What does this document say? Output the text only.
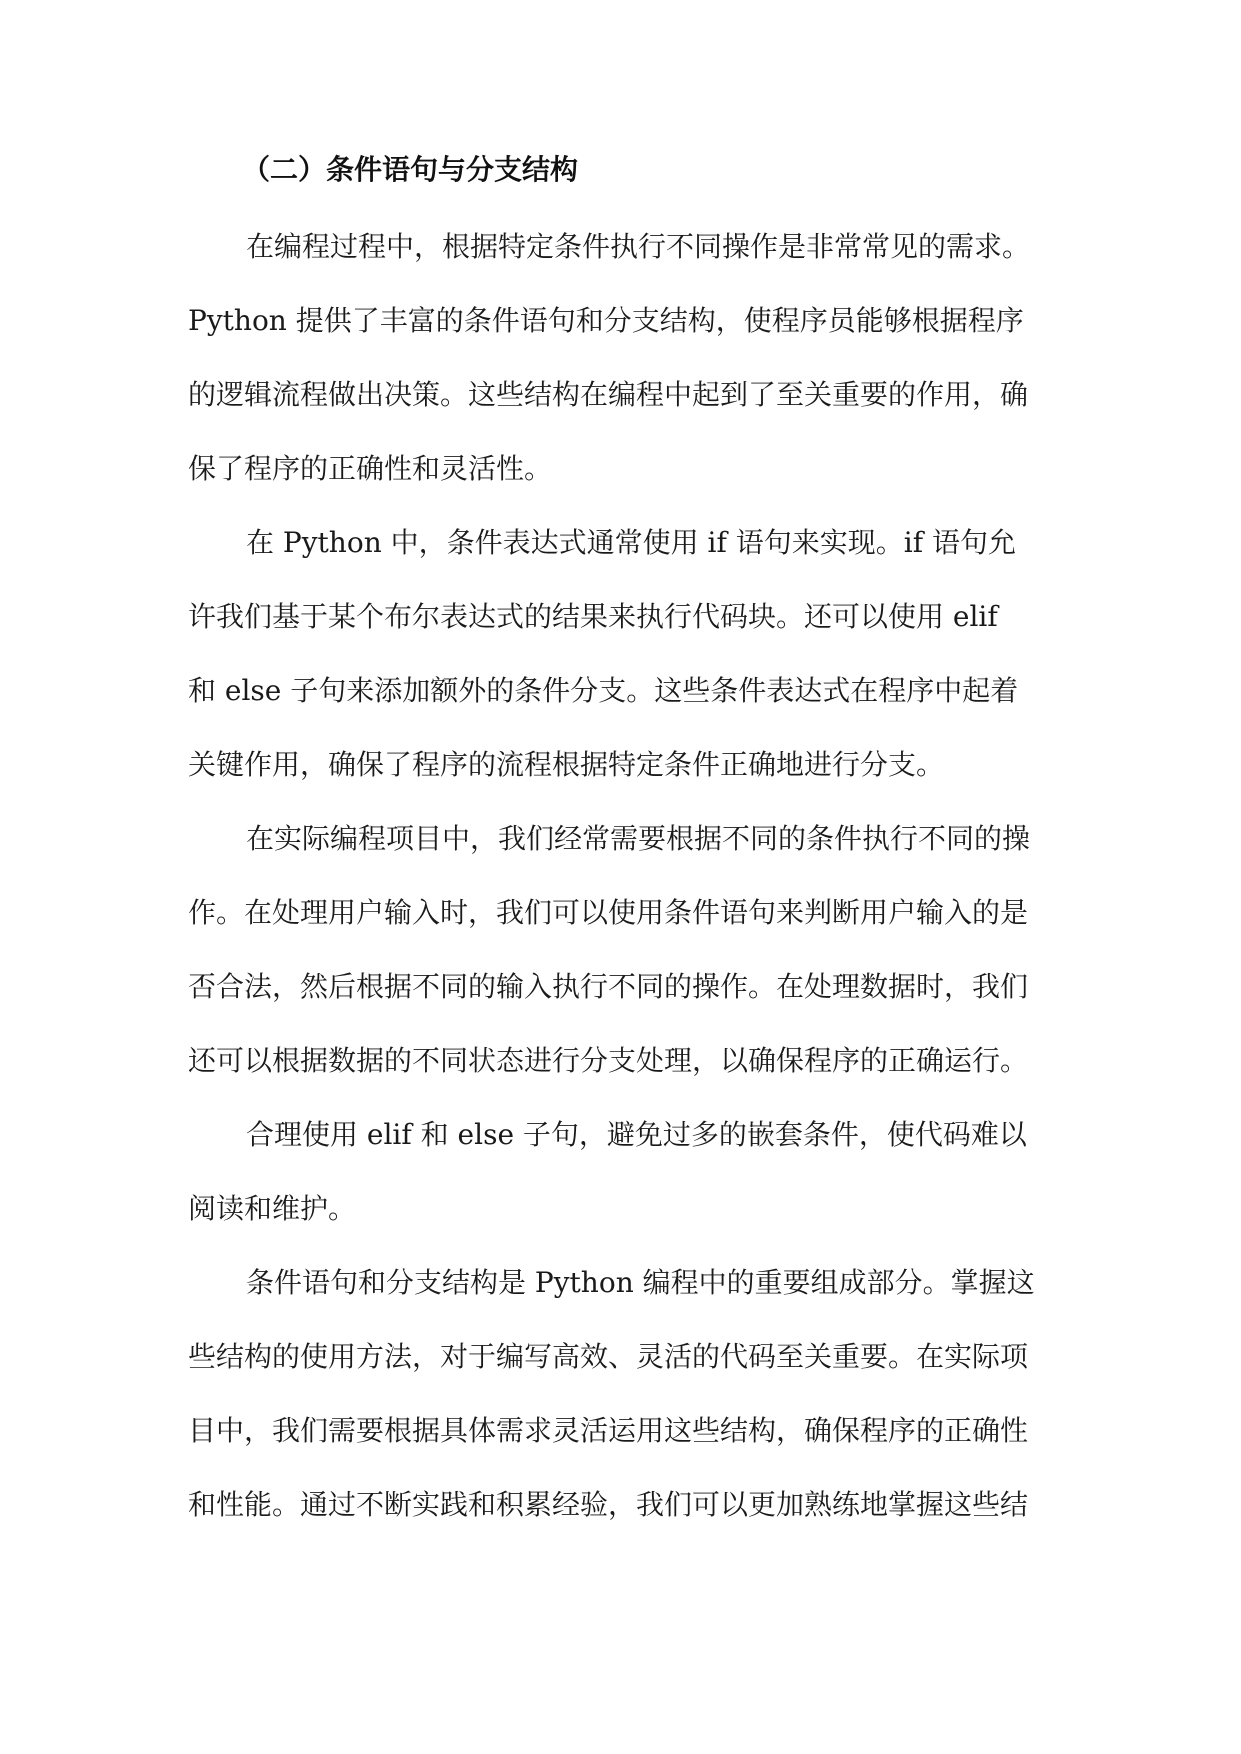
（二）条件语句与分支结构
在编程过程中，根据特定条件执行不同操作是非常常见的需求。
Python 提供了丰富的条件语句和分支结构，使程序员能够根据程序
的逻辑流程做出决策。这些结构在编程中起到了至关重要的作用，确
保了程序的正确性和灵活性。
在 Python 中，条件表达式通常使用 if 语句来实现。if 语句允
许我们基于某个布尔表达式的结果来执行代码块。还可以使用 elif
和 else 子句来添加额外的条件分支。这些条件表达式在程序中起着
关键作用，确保了程序的流程根据特定条件正确地进行分支。
在实际编程项目中，我们经常需要根据不同的条件执行不同的操
作。在处理用户输入时，我们可以使用条件语句来判断用户输入的是
否合法，然后根据不同的输入执行不同的操作。在处理数据时，我们
还可以根据数据的不同状态进行分支处理，以确保程序的正确运行。
合理使用 elif 和 else 子句，避免过多的嵌套条件，使代码难以
阅读和维护。
条件语句和分支结构是 Python 编程中的重要组成部分。掌握这
些结构的使用方法，对于编写高效、灵活的代码至关重要。在实际项
目中，我们需要根据具体需求灵活运用这些结构，确保程序的正确性
和性能。通过不断实践和积累经验，我们可以更加熟练地掌握这些结
